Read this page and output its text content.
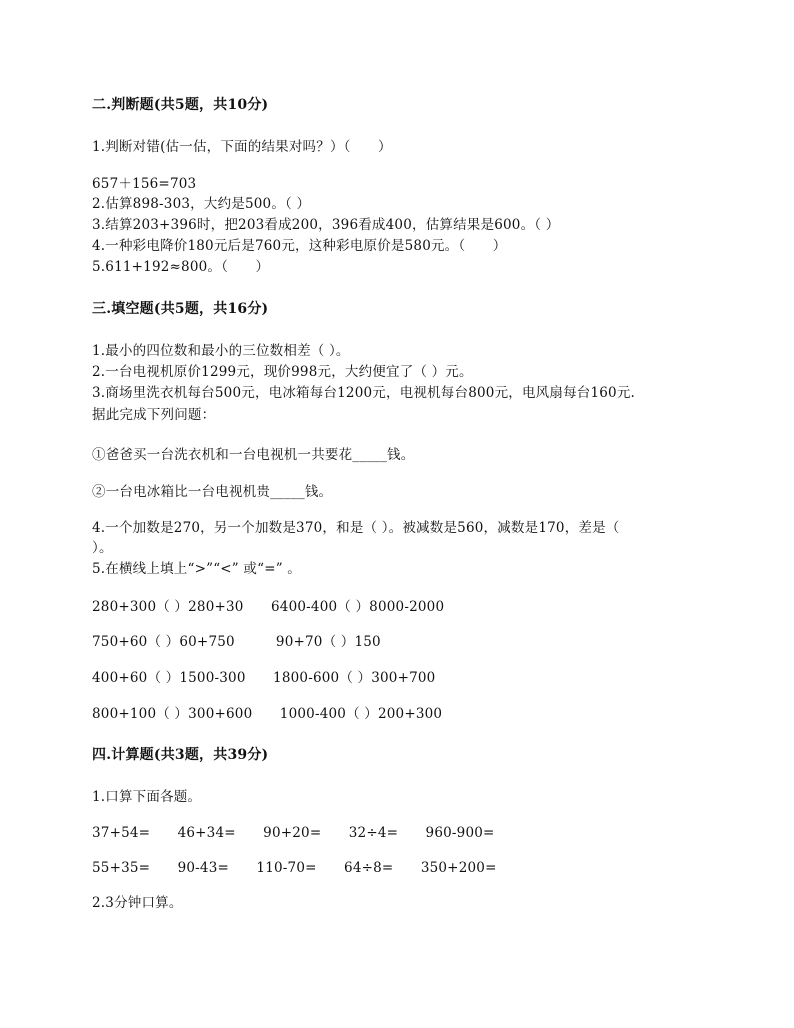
二.判断题(共5题，共10分)
1.判断对错(估一估，下面的结果对吗？）（　　）
657＋156=703
2.估算898-303，大约是500。（ ）
3.结算203+396时，把203看成200，396看成400，估算结果是600。（ ）
4.一种彩电降价180元后是760元，这种彩电原价是580元。（　　）
5.611+192≈800。（　　）
三.填空题(共5题，共16分)
1.最小的四位数和最小的三位数相差（ ）。
2.一台电视机原价1299元，现价998元，大约便宜了（ ）元。
3.商场里洗衣机每台500元，电冰箱每台1200元，电视机每台800元，电风扇每台160元.
据此完成下列问题：
①爸爸买一台洗衣机和一台电视机一共要花_____钱。
②一台电冰箱比一台电视机贵_____钱。
4.一个加数是270，另一个加数是370，和是（ ）。被减数是560，减数是170，差是（
）。
5.在横线上填上“>”“<” 或“=” 。
280+300（ ）280+30　　6400-400（ ）8000-2000
750+60（ ）60+750　　　90+70（ ）150
400+60（ ）1500-300　　1800-600（ ）300+700
800+100（ ）300+600　　1000-400（ ）200+300
四.计算题(共3题，共39分)
1.口算下面各题。
37+54=　　46+34=　　90+20=　　32÷4=　　960-900=
55+35=　　90-43=　　110-70=　　64÷8=　　350+200=
2.3分钟口算。
